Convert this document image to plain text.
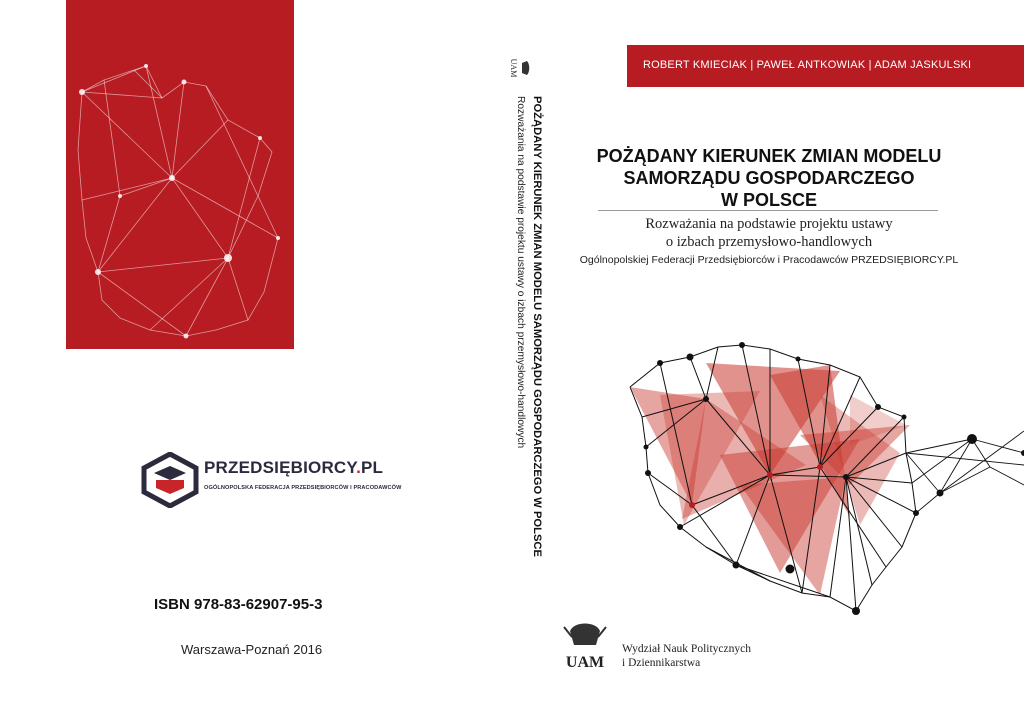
PRZEDSIĘBIORCY.PL
OGÓLNOPOLSKA FEDERACJA PRZEDSIĘBIORCÓW I PRACODAWCÓW
ISBN 978-83-62907-95-3
Warszawa-Poznań 2016
UAM
POŻĄDANY KIERUNEK ZMIAN MODELU SAMORZĄDU GOSPODARCZEGO W POLSCE
Rozważania na podstawie projektu ustawy o izbach przemysłowo-handlowych
ROBERT KMIECIAK | PAWEŁ ANTKOWIAK | ADAM JASKULSKI
POŻĄDANY KIERUNEK ZMIAN MODELU
SAMORZĄDU GOSPODARCZEGO
W POLSCE
Rozważania na podstawie projektu ustawy
o izbach przemysłowo-handlowych
Ogólnopolskiej Federacji Przedsiębiorców i Pracodawców PRZEDSIĘBIORCY.PL
UAM
Wydział Nauk Politycznych
i Dziennikarstwa
